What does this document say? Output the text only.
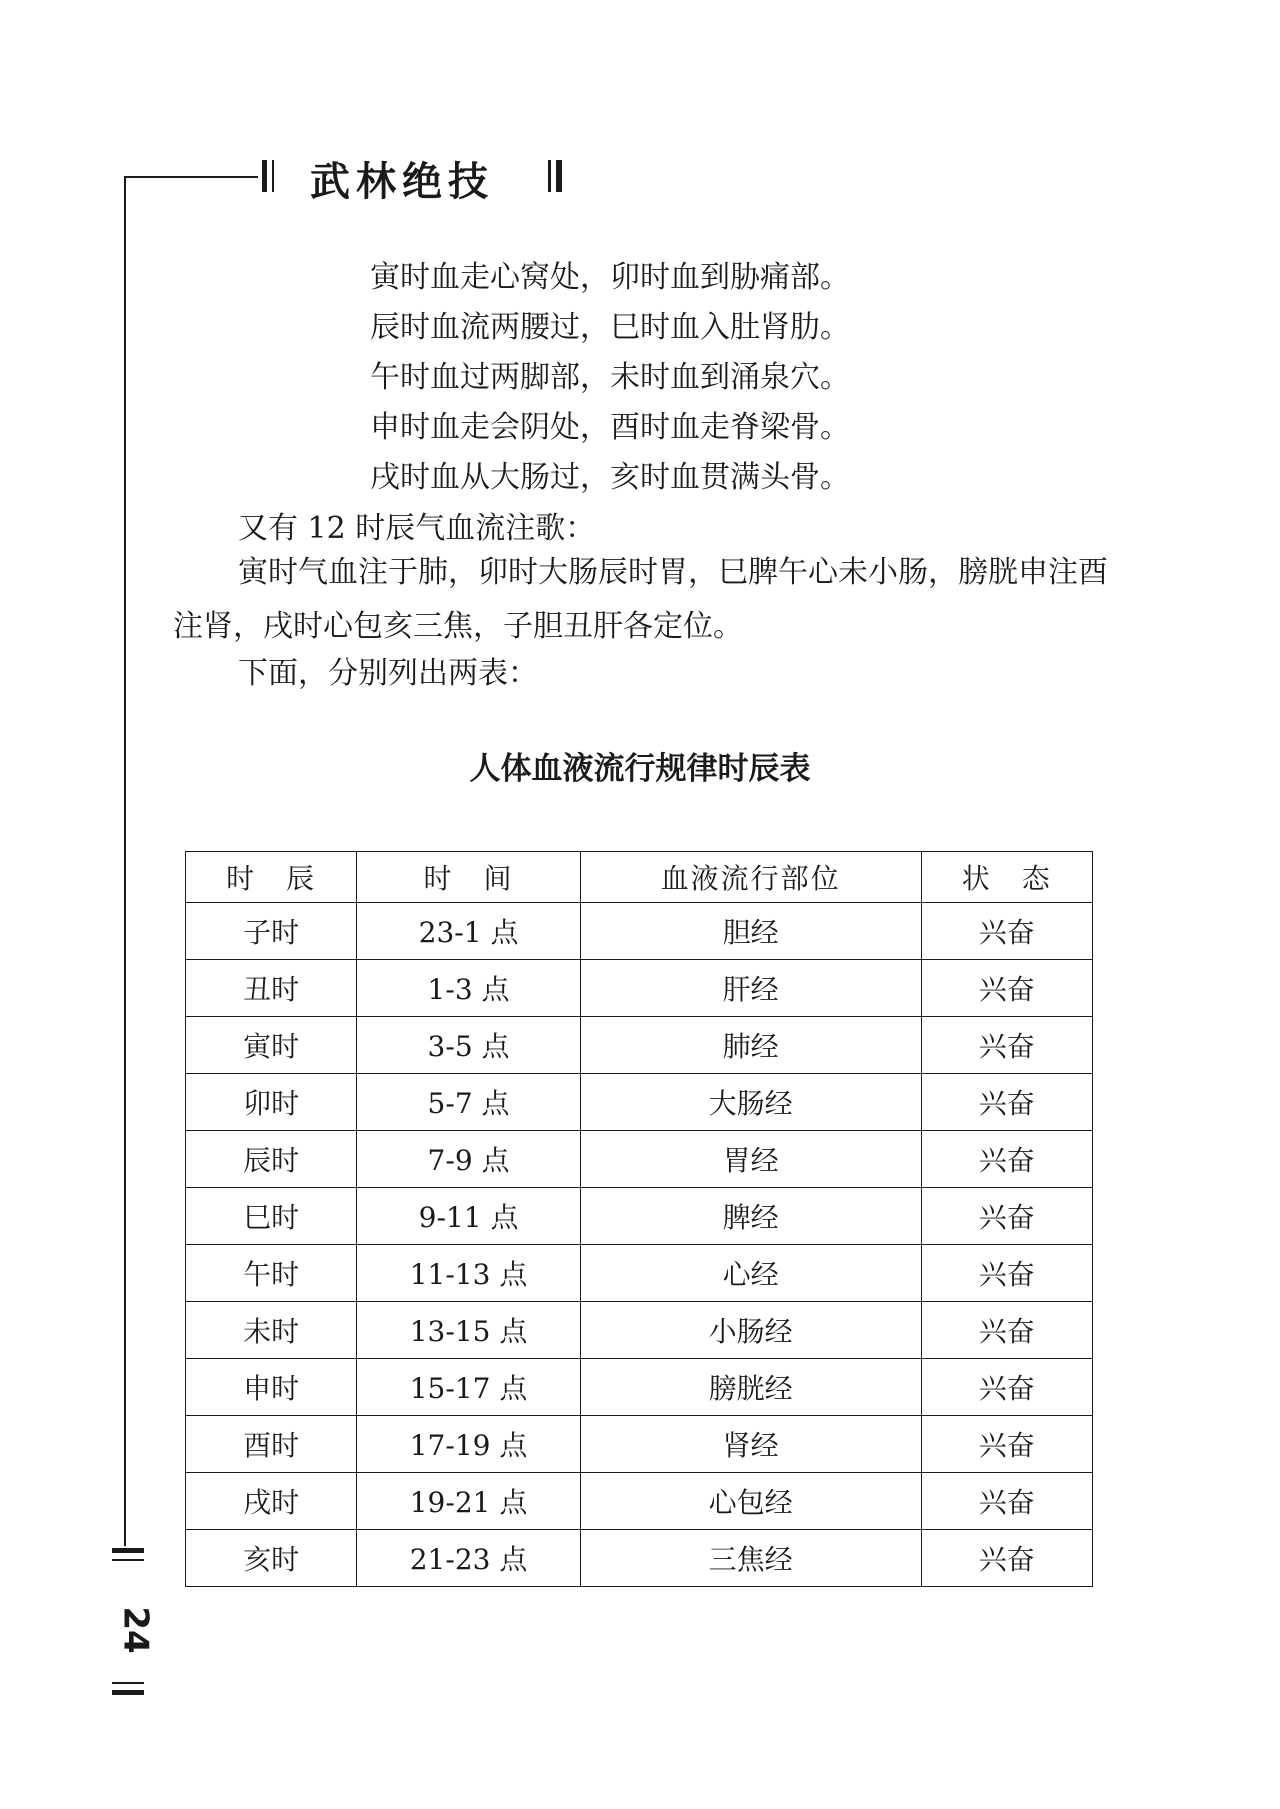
武林绝技
寅时血走心窝处，卯时血到胁痛部。
辰时血流两腰过，巳时血入肚肾肋。
午时血过两脚部，未时血到涌泉穴。
申时血走会阴处，酉时血走脊梁骨。
戌时血从大肠过，亥时血贯满头骨。
又有 12 时辰气血流注歌：
寅时气血注于肺，卯时大肠辰时胃，巳脾午心未小肠，膀胱申注酉注肾，戌时心包亥三焦，子胆丑肝各定位。
下面，分别列出两表：
人体血液流行规律时辰表
时　辰	时　间	血液流行部位	状　态
子时	23-1 点	胆经	兴奋
丑时	1-3 点	肝经	兴奋
寅时	3-5 点	肺经	兴奋
卯时	5-7 点	大肠经	兴奋
辰时	7-9 点	胃经	兴奋
巳时	9-11 点	脾经	兴奋
午时	11-13 点	心经	兴奋
未时	13-15 点	小肠经	兴奋
申时	15-17 点	膀胱经	兴奋
酉时	17-19 点	肾经	兴奋
戌时	19-21 点	心包经	兴奋
亥时	21-23 点	三焦经	兴奋
24
